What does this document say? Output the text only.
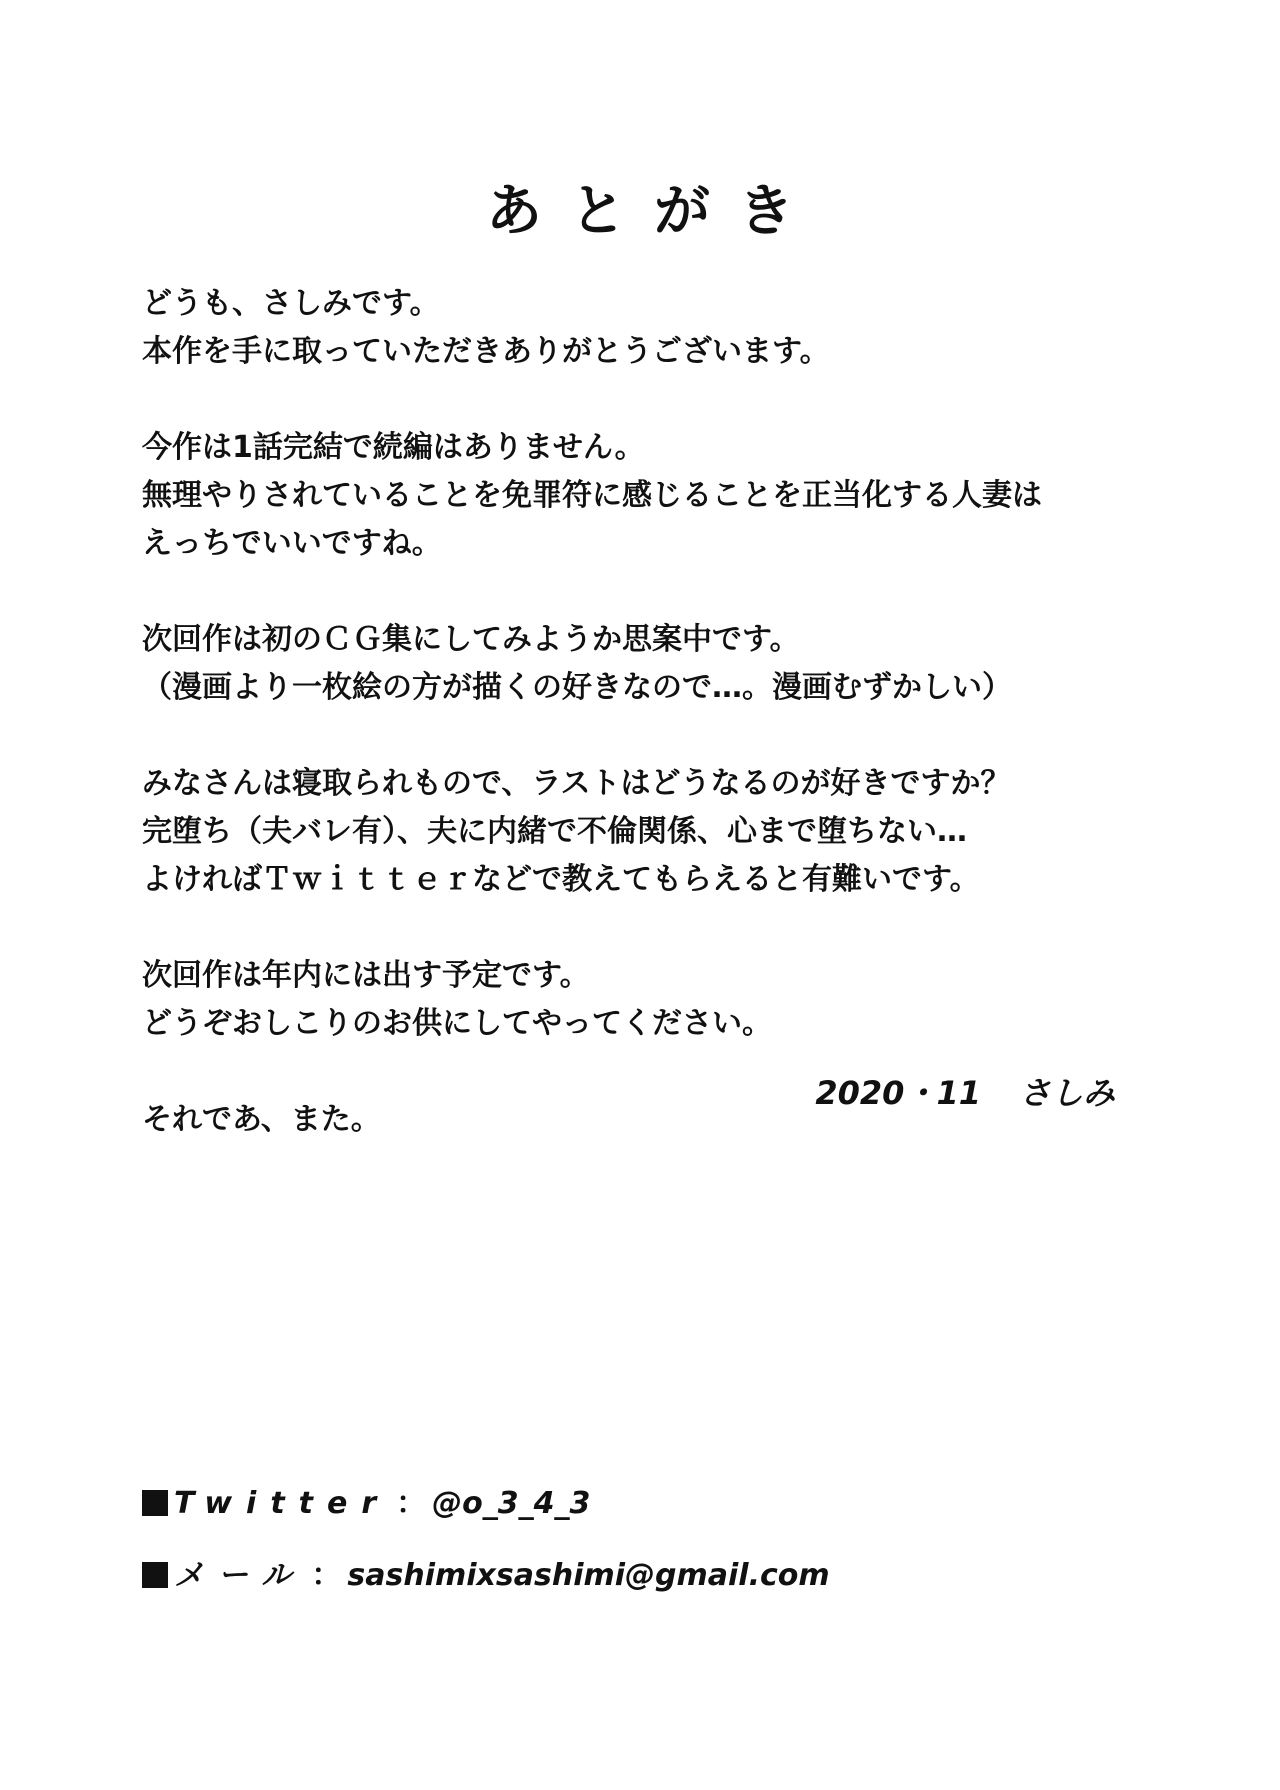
あとがき
どうも、さしみです。
本作を手に取っていただきありがとうございます。
今作は1話完結で続編はありません。
無理やりされていることを免罪符に感じることを正当化する人妻は
えっちでいいですね。
次回作は初のＣＧ集にしてみようか思案中です。
（漫画より一枚絵の方が描くの好きなので…。漫画むずかしい）
みなさんは寝取られもので、ラストはどうなるのが好きですか？
完堕ち（夫バレ有）、夫に内緒で不倫関係、心まで堕ちない…
よければＴｗｉｔｔｅｒなどで教えてもらえると有難いです。
次回作は年内には出す予定です。
どうぞおしこりのお供にしてやってください。
それであ、また。
2020・11 さしみ
Twitter ： @o_3_4_3
メール ： sashimixsashimi@gmail.com
